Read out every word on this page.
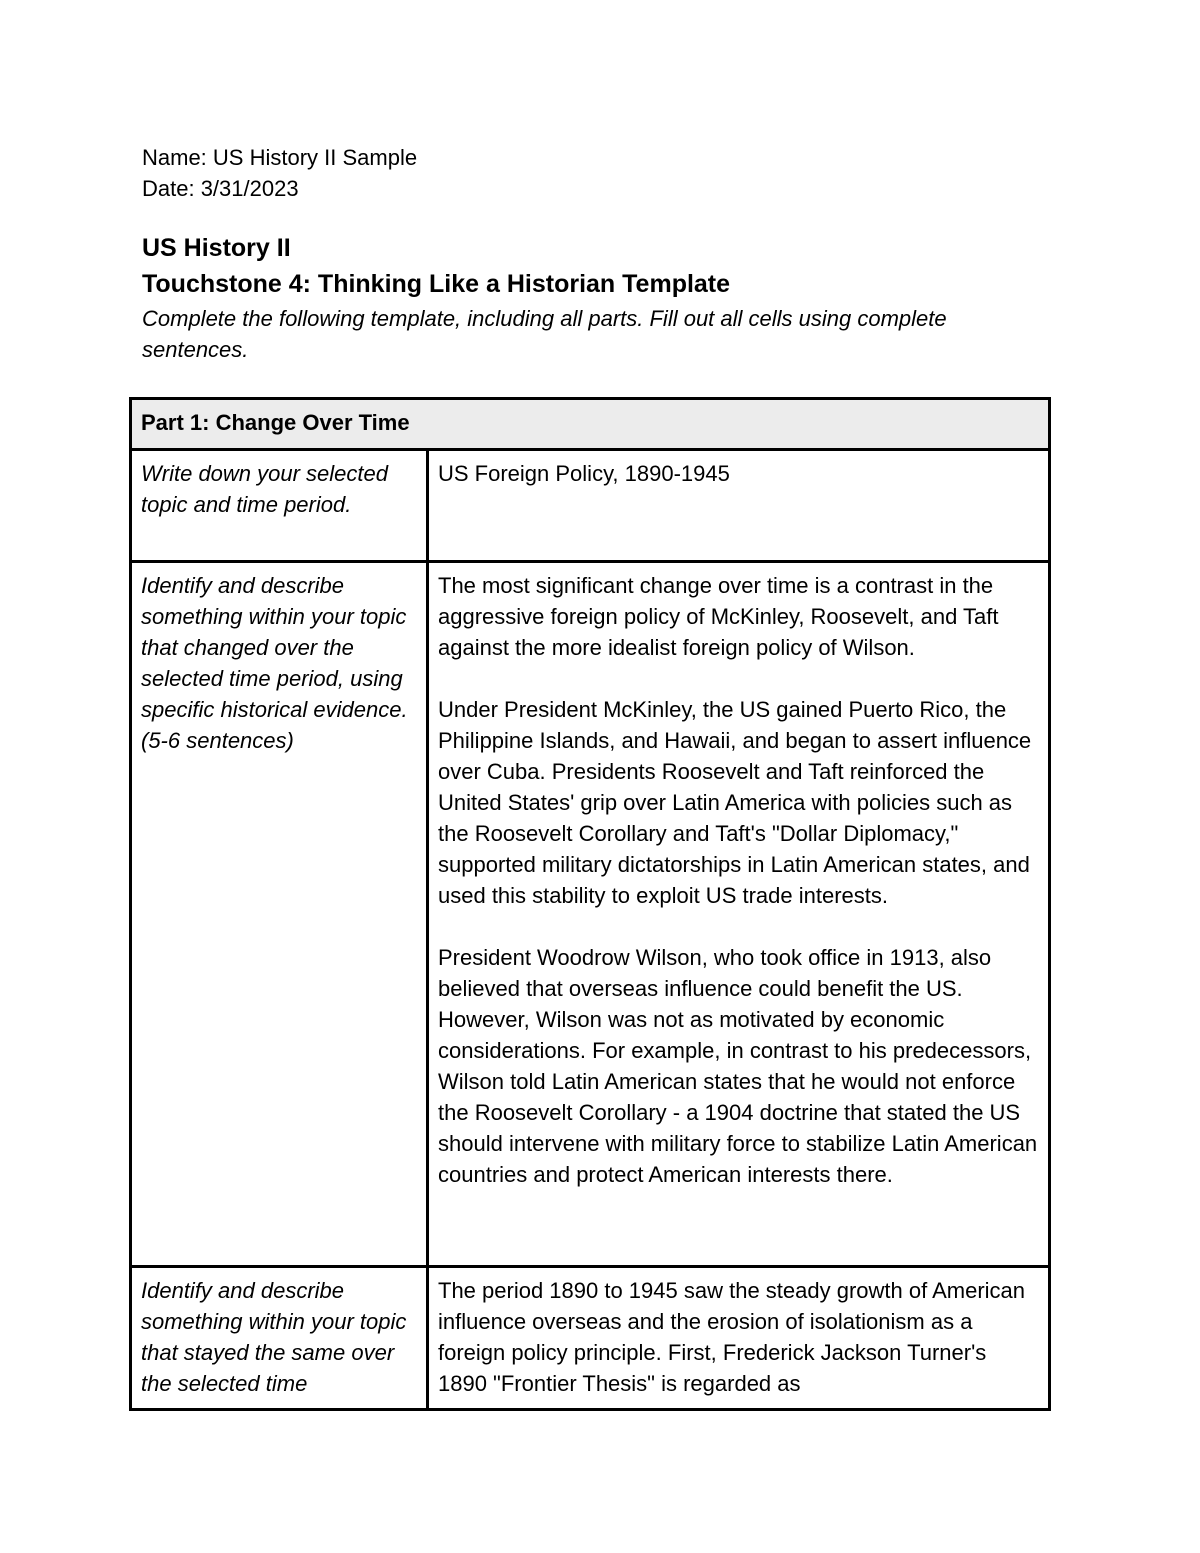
Name: US History II Sample
Date: 3/31/2023
US History II
Touchstone 4: Thinking Like a Historian Template
Complete the following template, including all parts. Fill out all cells using complete sentences.
Part 1: Change Over Time	
Write down your selected topic and time period.	US Foreign Policy, 1890-1945

Identify and describe something within your topic that changed over the selected time period, using specific historical evidence. (5-6 sentences)	The most significant change over time is a contrast in the aggressive foreign policy of McKinley, Roosevelt, and Taft against the more idealist foreign policy of Wilson.

Under President McKinley, the US gained Puerto Rico, the Philippine Islands, and Hawaii, and began to assert influence over Cuba. Presidents Roosevelt and Taft reinforced the United States' grip over Latin America with policies such as the Roosevelt Corollary and Taft's "Dollar Diplomacy," supported military dictatorships in Latin American states, and used this stability to exploit US trade interests.

President Woodrow Wilson, who took office in 1913, also believed that overseas influence could benefit the US. However, Wilson was not as motivated by economic considerations. For example, in contrast to his predecessors, Wilson told Latin American states that he would not enforce the Roosevelt Corollary - a 1904 doctrine that stated the US should intervene with military force to stabilize Latin American countries and protect American interests there.

Identify and describe something within your topic that stayed the same over the selected time	The period 1890 to 1945 saw the steady growth of American influence overseas and the erosion of isolationism as a foreign policy principle. First, Frederick Jackson Turner's 1890 "Frontier Thesis" is regarded as
